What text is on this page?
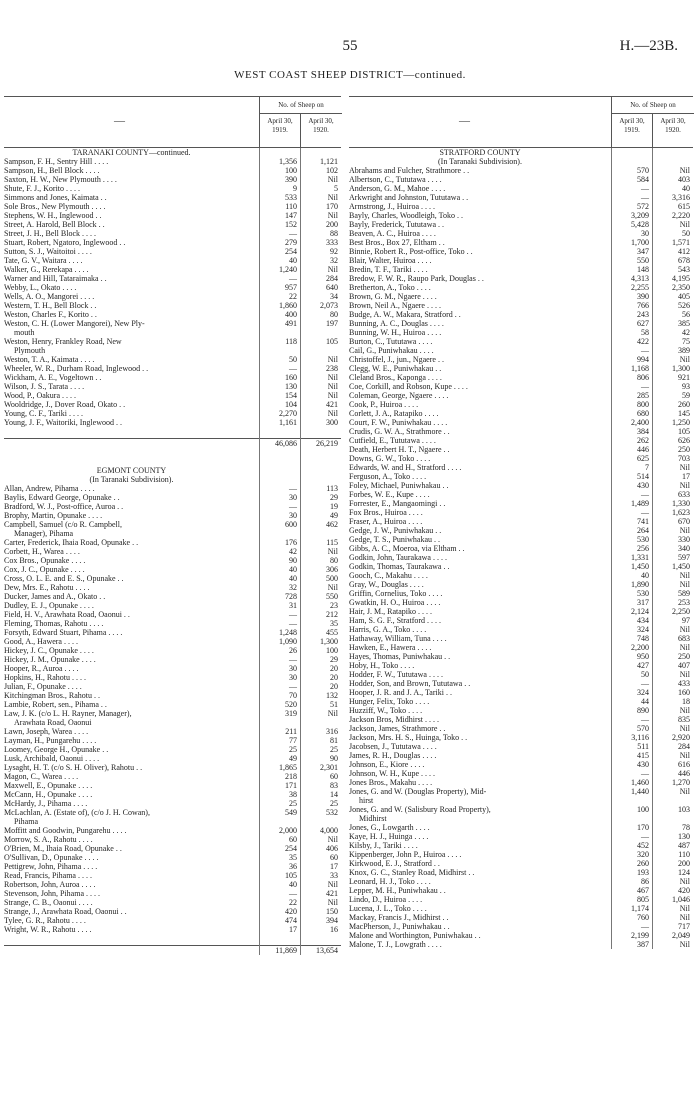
55	H.—23B.
WEST COAST SHEEP DISTRICT—continued.
—
No. of Sheep on
April 30, 1919.
April 30, 1920.
TARANAKI COUNTY—continued.
Sampson, F. H., Sentry Hill . . . .	1,356	1,121
Sampson, H., Bell Block . . . .	100	102
Saxton, H. W., New Plymouth . . . .	390	Nil
Shute, F. J., Korito . . . .	9	5
Simmons and Jones, Kaimata . .	533	Nil
Sole Bros., New Plymouth . . . .	110	170
Stephens, W. H., Inglewood . .	147	Nil
Street, A. Harold, Bell Block . .	152	200
Street, J. H., Bell Block . . . .	—	88
Stuart, Robert, Ngatoro, Inglewood . .	279	333
Sutton, S. J., Waitoitoi . . . .	254	92
Tate, G. V., Waitara . . . .	40	32
Walker, G., Rerekapa . . . .	1,240	Nil
Warner and Hill, Tataraimaka . .	—	284
Webby, L., Okato . . . .	957	640
Wells, A. O., Mangorei . . . .	22	34
Western, T. H., Bell Block . .	1,860	2,073
Weston, Charles F., Korito . .	400	80
Weston, C. H. (Lower Mangorei), New Ply-	491	197
mouth
Weston, Henry, Frankley Road, New	118	105
Plymouth
Weston, T. A., Kaimata . . . .	50	Nil
Wheeler, W. R., Durham Road, Inglewood . .	—	238
Wickham, A. E., Vogeltown . .	160	Nil
Wilson, J. S., Tarata . . . .	130	Nil
Wood, P., Oakura . . . .	154	Nil
Wooldridge, J., Dover Road, Okato . .	104	421
Young, C. F., Tariki . . . .	2,270	Nil
Young, J. F., Waitoriki, Inglewood . .	1,161	300
46,086	26,219
EGMONT COUNTY
(In Taranaki Subdivision).
Allan, Andrew, Pihama . . . .	—	113
Baylis, Edward George, Opunake . .	30	29
Bradford, W. J., Post-office, Auroa . .	—	19
Brophy, Martin, Opunake . . . .	30	49
Campbell, Samuel (c/o R. Campbell,	600	462
Manager), Pihama
Carter, Frederick, Ihaia Road, Opunake . .	176	115
Corbett, H., Warea . . . .	42	Nil
Cox Bros., Opunake . . . .	90	80
Cox, J. C., Opunake . . . .	40	306
Cross, O. L. E. and E. S., Opunake . .	40	500
Dew, Mrs. E., Rahotu . . . .	32	Nil
Ducker, James and A., Okato . .	728	550
Dudley, E. J., Opunake . . . .	31	23
Field, H. V., Arawhata Road, Oaonui . .	—	212
Fleming, Thomas, Rahotu . . . .	—	35
Forsyth, Edward Stuart, Pihama . . . .	1,248	455
Good, A., Hawera . . . .	1,090	1,300
Hickey, J. C., Opunake . . . .	26	100
Hickey, J. M., Opunake . . . .	—	29
Hooper, R., Auroa . . . .	30	20
Hopkins, H., Rahotu . . . .	30	20
Julian, F., Opunake . . . .	—	20
Kitchingman Bros., Rahotu . .	70	132
Lambie, Robert, sen., Pihama . .	520	51
Law, J. K. (c/o L. H. Rayner, Manager),	319	Nil
Arawhata Road, Oaonui
Lawn, Joseph, Warea . . . .	211	316
Layman, H., Pungarehu . . . .	77	81
Loomey, George H., Opunake . .	25	25
Lusk, Archibald, Oaonui . . . .	49	90
Lysaght, H. T. (c/o S. H. Oliver), Rahotu . .	1,865	2,301
Magon, C., Warea . . . .	218	60
Maxwell, E., Opunake . . . .	171	83
McCann, H., Opunake . . . .	38	14
McHardy, J., Pihama . . . .	25	25
McLachlan, A. (Estate of), (c/o J. H. Cowan),	549	532
Pihama
Moffitt and Goodwin, Pungarehu . . . .	2,000	4,000
Morrow, S. A., Rahotu . . . .	60	Nil
O'Brien, M., Ihaia Road, Opunake . .	254	406
O'Sullivan, D., Opunake . . . .	35	60
Pettigrew, John, Pihama . . . .	36	17
Read, Francis, Pihama . . . .	105	33
Robertson, John, Auroa . . . .	40	Nil
Stevenson, John, Pihama . . . .	—	421
Strange, C. B., Oaonui . . . .	22	Nil
Strange, J., Arawhata Road, Oaonui . .	420	150
Tylee, G. R., Rahotu . . . .	474	394
Wright, W. R., Rahotu . . . .	17	16
11,869	13,654
—
No. of Sheep on
April 30, 1919.
April 30, 1920.
STRATFORD COUNTY
(In Taranaki Subdivision).
Abrahams and Fulcher, Strathmore . .	570	Nil
Albertson, C., Tututawa . . . .	584	403
Anderson, G. M., Mahoe . . . .	—	40
Arkwright and Johnston, Tututawa . .	—	3,316
Armstrong, J., Huiroa . . . .	572	615
Bayly, Charles, Woodleigh, Toko . .	3,209	2,220
Bayly, Frederick, Tututawa . .	5,428	Nil
Beaven, A. C., Huiroa . . . .	30	50
Best Bros., Box 27, Eltham . .	1,700	1,571
Binnie, Robert R., Post-office, Toko . .	347	412
Blair, Walter, Huiroa . . . .	550	678
Bredin, T. F., Tariki . . . .	148	543
Bredow, F. W. R., Raupo Park, Douglas . .	4,313	4,195
Bretherton, A., Toko . . . .	2,255	2,350
Brown, G. M., Ngaere . . . .	390	405
Brown, Neil A., Ngaere . . . .	766	526
Budge, A. W., Makara, Stratford . .	243	56
Bunning, A. C., Douglas . . . .	627	385
Bunning, W. H., Huiroa . . . .	58	42
Burton, C., Tututawa . . . .	422	75
Cail, G., Puniwhakau . . . .	—	389
Christoffel, J., jun., Ngaere . .	994	Nil
Clegg, W. E., Puniwhakau . .	1,168	1,300
Cleland Bros., Kaponga . . . .	806	921
Coe, Corkill, and Robson, Kupe . . . .	—	93
Coleman, George, Ngaere . . . .	285	59
Cook, P., Huiroa . . . .	800	260
Corlett, J. A., Ratapiko . . . .	680	145
Court, F. W., Puniwhakau . . . .	2,400	1,250
Crudis, G. W. A., Strathmore . .	384	105
Cutfield, E., Tututawa . . . .	262	626
Death, Herbert H. T., Ngaere . .	446	250
Downs, G. W., Toko . . . .	625	703
Edwards, W. and H., Stratford . . . .	7	Nil
Ferguson, A., Toko . . . .	514	17
Foley, Michael, Puniwhakau . .	430	Nil
Forbes, W. E., Kupe . . . .	—	633
Forrester, E., Mangaomingi . .	1,489	1,330
Fox Bros., Huiroa . . . .	—	1,623
Fraser, A., Huiroa . . . .	741	670
Gedge, J. W., Puniwhakau . .	264	Nil
Gedge, T. S., Puniwhakau . .	530	330
Gibbs, A. C., Moeroa, via Eltham . .	256	340
Godkin, John, Taurakawa . . . .	1,331	597
Godkin, Thomas, Taurakawa . .	1,450	1,450
Gooch, C., Makahu . . . .	40	Nil
Gray, W., Douglas . . . .	1,890	Nil
Griffin, Cornelius, Toko . . . .	530	589
Gwatkin, H. O., Huiroa . . . .	317	253
Hair, J. M., Ratapiko . . . .	2,124	2,250
Ham, S. G. F., Stratford . . . .	434	97
Harris, G. A., Toko . . . .	324	Nil
Hathaway, William, Tuna . . . .	748	683
Hawken, E., Hawera . . . .	2,200	Nil
Hayes, Thomas, Puniwhakau . .	950	250
Hoby, H., Toko . . . .	427	407
Hodder, F. W., Tututawa . . . .	50	Nil
Hodder, Son, and Brown, Tututawa . .	—	433
Hooper, J. R. and J. A., Tariki . .	324	160
Hunger, Felix, Toko . . . .	44	18
Huzziff, W., Toko . . . .	890	Nil
Jackson Bros, Midhirst . . . .	—	835
Jackson, James, Strathmore . .	570	Nil
Jackson, Mrs. H. S., Huinga, Toko . .	3,116	2,920
Jacobsen, J., Tututawa . . . .	511	284
James, R. H., Douglas . . . .	415	Nil
Johnson, E., Kiore . . . .	430	616
Johnson, W. H., Kupe . . . .	—	446
Jones Bros., Makahu . . . .	1,460	1,270
Jones, G. and W. (Douglas Property), Mid-	1,440	Nil
hirst
Jones, G. and W. (Salisbury Road Property),	100	103
Midhirst
Jones, G., Lowgarth . . . .	170	78
Kaye, H. J., Huinga . . . .	—	130
Kilsby, J., Tariki . . . .	452	487
Kippenberger, John P., Huiroa . . . .	320	110
Kirkwood, E. J., Stratford . .	260	200
Knox, G. C., Stanley Road, Midhirst . .	193	124
Leonard, H. J., Toko . . . .	86	Nil
Lepper, M. H., Puniwhakau . .	467	420
Lindo, D., Huiroa . . . .	805	1,046
Lucena, J. L., Toko . . . .	1,174	Nil
Mackay, Francis J., Midhirst . .	760	Nil
MacPherson, J., Puniwhakau . .	—	717
Malone and Worthington, Puniwhakau . .	2,199	2,049
Malone, T. J., Lowgrath . . . .	387	Nil
